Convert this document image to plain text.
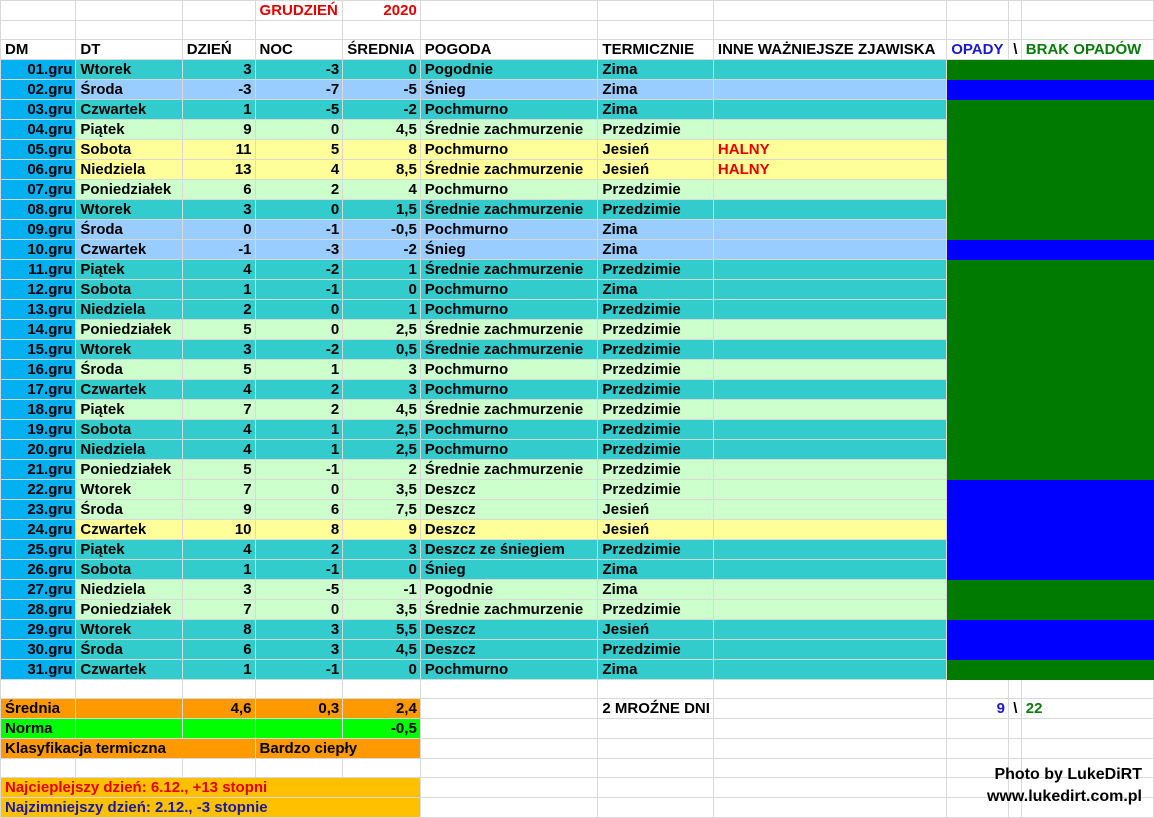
			GRUDZIEŃ	2020						

DM	DT	DZIEŃ	NOC	ŚREDNIA	POGODA	TERMICZNIE	INNE WAŻNIEJSZE ZJAWISKA	OPADY	\	BRAK OPADÓW
01.gru	Wtorek	3	-3	0	Pogodnie	Zima				
02.gru	Środa	-3	-7	-5	Śnieg	Zima				
03.gru	Czwartek	1	-5	-2	Pochmurno	Zima				
04.gru	Piątek	9	0	4,5	Średnie zachmurzenie	Przedzimie				
05.gru	Sobota	11	5	8	Pochmurno	Jesień	HALNY			
06.gru	Niedziela	13	4	8,5	Średnie zachmurzenie	Jesień	HALNY			
07.gru	Poniedziałek	6	2	4	Pochmurno	Przedzimie				
08.gru	Wtorek	3	0	1,5	Średnie zachmurzenie	Przedzimie				
09.gru	Środa	0	-1	-0,5	Pochmurno	Zima				
10.gru	Czwartek	-1	-3	-2	Śnieg	Zima				
11.gru	Piątek	4	-2	1	Średnie zachmurzenie	Przedzimie				
12.gru	Sobota	1	-1	0	Pochmurno	Zima				
13.gru	Niedziela	2	0	1	Pochmurno	Przedzimie				
14.gru	Poniedziałek	5	0	2,5	Średnie zachmurzenie	Przedzimie				
15.gru	Wtorek	3	-2	0,5	Średnie zachmurzenie	Przedzimie				
16.gru	Środa	5	1	3	Pochmurno	Przedzimie				
17.gru	Czwartek	4	2	3	Pochmurno	Przedzimie				
18.gru	Piątek	7	2	4,5	Średnie zachmurzenie	Przedzimie				
19.gru	Sobota	4	1	2,5	Pochmurno	Przedzimie				
20.gru	Niedziela	4	1	2,5	Pochmurno	Przedzimie				
21.gru	Poniedziałek	5	-1	2	Średnie zachmurzenie	Przedzimie				
22.gru	Wtorek	7	0	3,5	Deszcz	Przedzimie				
23.gru	Środa	9	6	7,5	Deszcz	Jesień				
24.gru	Czwartek	10	8	9	Deszcz	Jesień				
25.gru	Piątek	4	2	3	Deszcz ze śniegiem	Przedzimie				
26.gru	Sobota	1	-1	0	Śnieg	Zima				
27.gru	Niedziela	3	-5	-1	Pogodnie	Zima				
28.gru	Poniedziałek	7	0	3,5	Średnie zachmurzenie	Przedzimie				
29.gru	Wtorek	8	3	5,5	Deszcz	Jesień				
30.gru	Środa	6	3	4,5	Deszcz	Przedzimie				
31.gru	Czwartek	1	-1	0	Pochmurno	Zima				

Średnia		4,6	0,3	2,4		2 MROŹNE DNI		9	\	22
Norma				-0,5						
Klasyfikacja termiczna			Bardzo ciepły							

Najcieplejszy dzień: 6.12., +13 stopni										
Najzimniejszy dzień: 2.12., -3 stopnie										
Photo by LukeDiRT
www.lukedirt.com.pl
